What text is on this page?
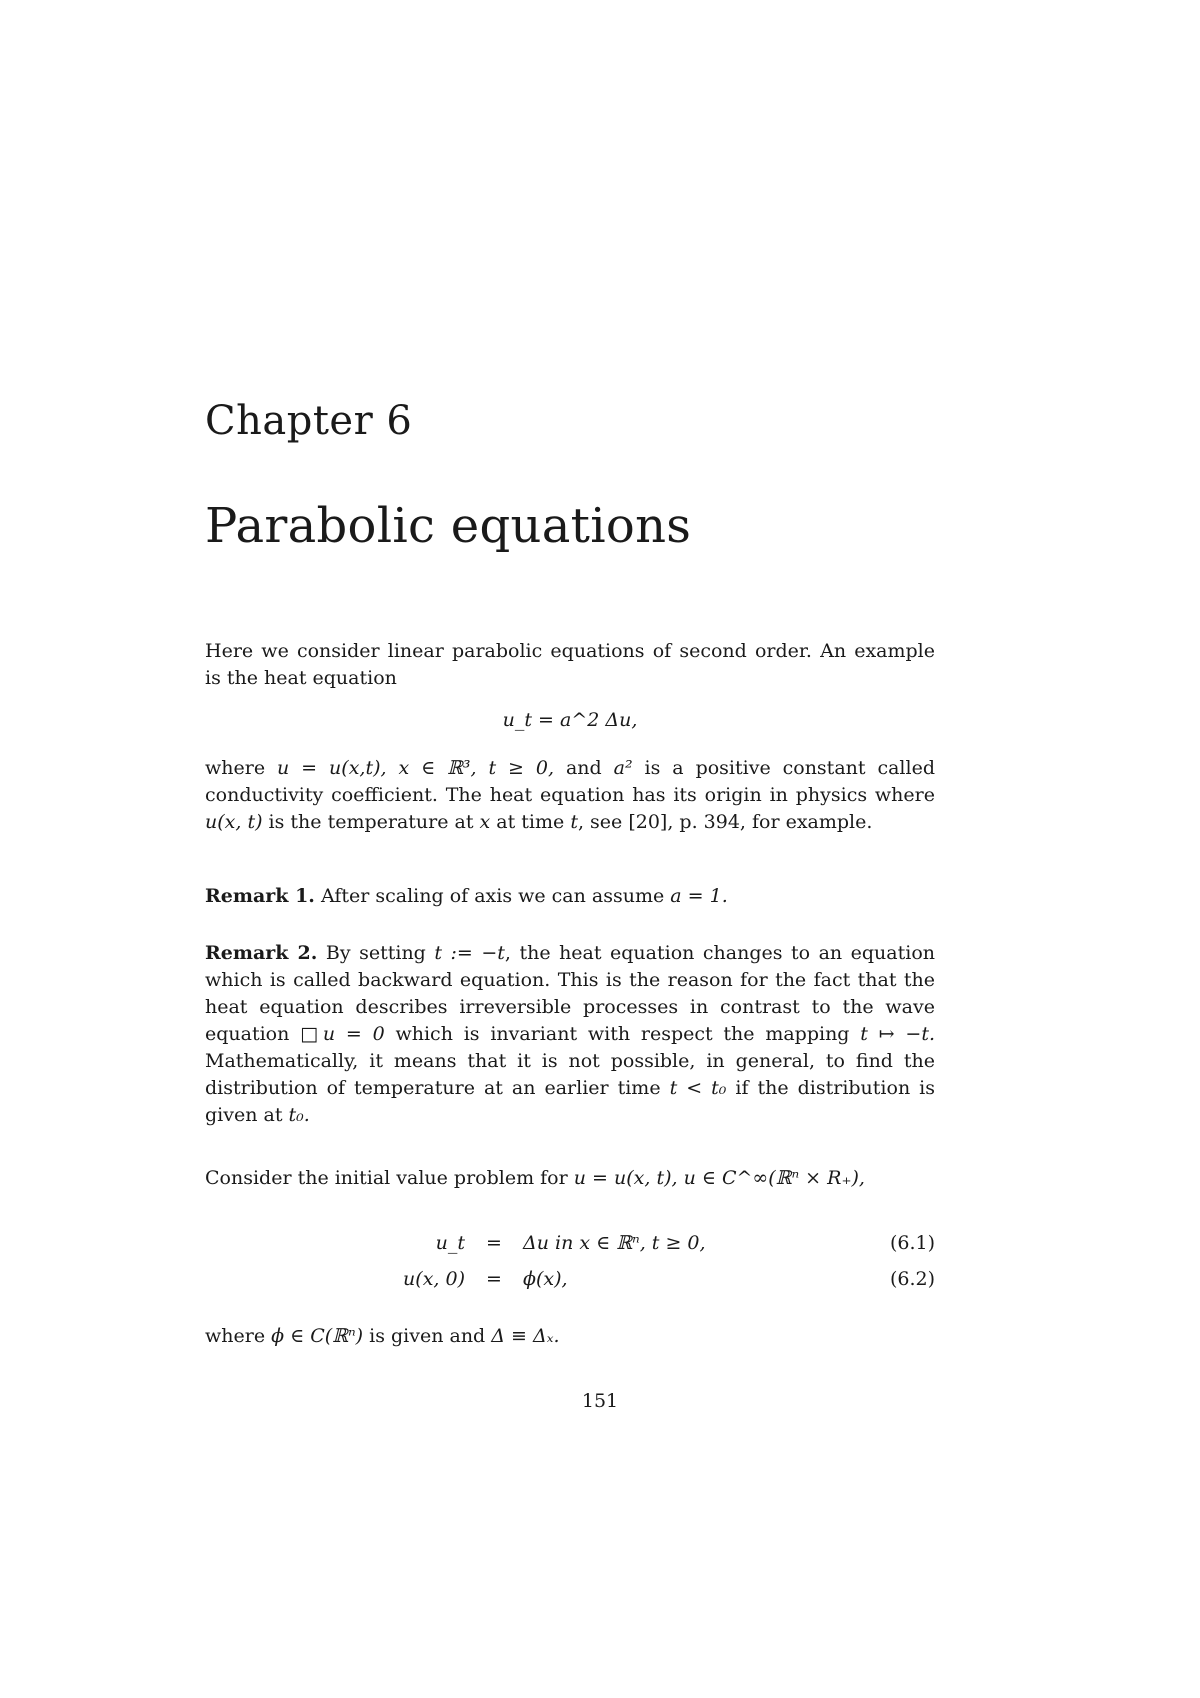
Chapter 6
Parabolic equations

Here we consider linear parabolic equations of second order. An example is the heat equation

u_t = a^2 Δu,

where u = u(x,t), x ∈ ℝ³, t ≥ 0, and a² is a positive constant called conductivity coefficient. The heat equation has its origin in physics where u(x, t) is the temperature at x at time t, see [20], p. 394, for example.

Remark 1. After scaling of axis we can assume a = 1.

Remark 2. By setting t := −t, the heat equation changes to an equation which is called backward equation. This is the reason for the fact that the heat equation describes irreversible processes in contrast to the wave equation □u = 0 which is invariant with respect the mapping t ↦ −t. Mathematically, it means that it is not possible, in general, to find the distribution of temperature at an earlier time t < t₀ if the distribution is given at t₀.

Consider the initial value problem for u = u(x, t), u ∈ C^∞(ℝⁿ × R₊),

u_t	=	Δu in x ∈ ℝⁿ, t ≥ 0,	(6.1)
u(x, 0)	=	ϕ(x),	(6.2)

where ϕ ∈ C(ℝⁿ) is given and Δ ≡ Δₓ.

151
